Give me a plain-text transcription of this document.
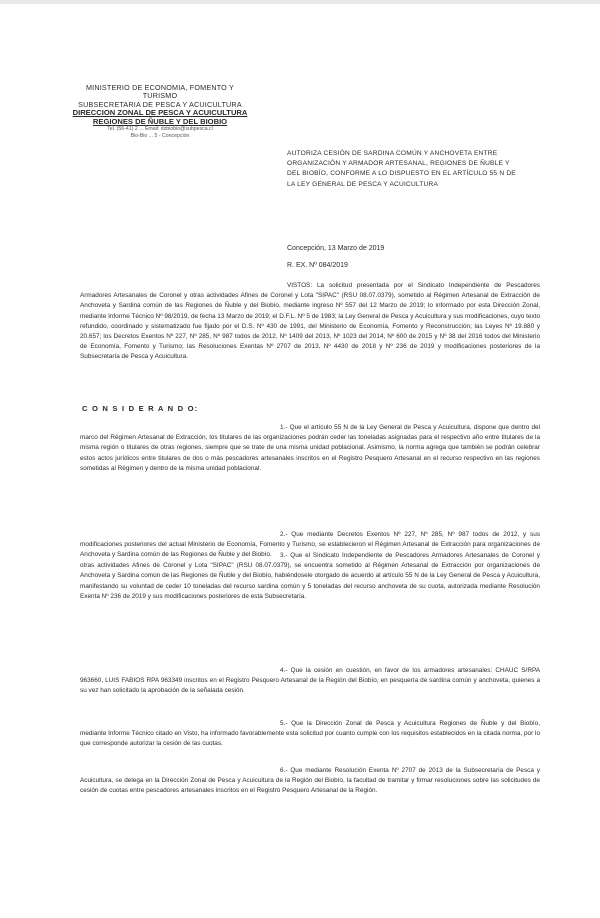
MINISTERIO DE ECONOMIA, FOMENTO Y TURISMO
SUBSECRETARIA DE PESCA Y ACUICULTURA
DIRECCION ZONAL DE PESCA Y ACUICULTURA
REGIONES DE ÑUBLE Y DEL BIOBIO
Tel. (56-41) 2 ... Email: dzbiobio@subpesca.cl
Bio-Bio ... 5 - Concepción
AUTORIZA CESIÓN DE SARDINA COMÚN Y ANCHOVETA ENTRE ORGANIZACIÓN Y ARMADOR ARTESANAL, REGIONES DE ÑUBLE Y DEL BIOBÍO, CONFORME A LO DISPUESTO EN EL ARTÍCULO 55 N DE LA LEY GENERAL DE PESCA Y ACUICULTURA
Concepción, 13 Marzo de 2019
R. EX. Nº 084/2019
VISTOS: La solicitud presentada por el Sindicato Independiente de Pescadores Armadores Artesanales de Coronel y otras actividades Afines de Coronel y Lota "SIPAC" (RSU 08.07.0379), sometido al Régimen Artesanal de Extracción de Anchoveta y Sardina común de las Regiones de Ñuble y del Biobío, mediante ingreso Nº 557 del 12 Marzo de 2019; lo informado por esta Dirección Zonal, mediante Informe Técnico Nº 98/2019, de fecha 13 Marzo de 2019; el D.F.L. Nº 5 de 1983; la Ley General de Pesca y Acuicultura y sus modificaciones, cuyo texto refundido, coordinado y sistematizado fue fijado por el D.S. Nº 430 de 1991, del Ministerio de Economía, Fomento y Reconstrucción; las Leyes Nº 19.880 y 20.657; los Decretos Exentos Nº 227, Nº 285, Nº 987 todos de 2012, Nº 1409 del 2013, Nº 1023 del 2014, Nº 600 de 2015 y Nº 38 del 2016 todos del Ministerio de Economía, Fomento y Turismo; las Resoluciones Exentas Nº 2707 de 2013, Nº 4430 de 2018 y Nº 236 de 2019 y modificaciones posteriores de la Subsecretaría de Pesca y Acuicultura.
C O N S I D E R A N D O:
1.- Que el artículo 55 N de la Ley General de Pesca y Acuicultura, dispone que dentro del marco del Régimen Artesanal de Extracción, los titulares de las organizaciones podrán ceder las toneladas asignadas para el respectivo año entre titulares de la misma región o titulares de otras regiones, siempre que se trate de una misma unidad poblacional. Asimismo, la norma agrega que también se podrán celebrar estos actos jurídicos entre titulares de dos o más pescadores artesanales inscritos en el Registro Pesquero Artesanal en el recurso respectivo en las regiones sometidas al Régimen y dentro de la misma unidad poblacional.
2.- Que mediante Decretos Exentos Nº 227, Nº 285, Nº 987 todos de 2012, y sus modificaciones posteriores del actual Ministerio de Economía, Fomento y Turismo, se establecieron el Régimen Artesanal de Extracción para organizaciones de Anchoveta y Sardina común de las Regiones de Ñuble y del Biobío.	3.- Que el Sindicato Independiente de Pescadores Armadores Artesanales de Coronel y otras actividades Afines de Coronel y Lota "SIPAC" (RSU 08.07.0379), se encuentra sometido al Régimen Artesanal de Extracción por organizaciones de Anchoveta y Sardina común de las Regiones de Ñuble y del Biobío, habiéndosele otorgado de acuerdo al artículo 55 N de la Ley General de Pesca y Acuicultura, manifestando su voluntad de ceder 10 toneladas del recurso sardina común y 5 toneladas del recurso anchoveta de su cuota, autorizada mediante Resolución Exenta Nº 236 de 2019 y sus modificaciones posteriores de esta Subsecretaría.
4.- Que la cesión en cuestión, en favor de los armadores artesanales: CHAUC S/RPA 963660, LUIS FABIOS RPA 963349 inscritos en el Registro Pesquero Artesanal de la Región del Biobío, en pesquería de sardina común y anchoveta, quienes a su vez han solicitado la aprobación de la señalada cesión.
5.- Que la Dirección Zonal de Pesca y Acuicultura Regiones de Ñuble y del Biobío, mediante Informe Técnico citado en Visto, ha informado favorablemente esta solicitud por cuanto cumple con los requisitos establecidos en la citada norma, por lo que corresponde autorizar la cesión de las cuotas.
6.- Que mediante Resolución Exenta Nº 2707 de 2013 de la Subsecretaría de Pesca y Acuicultura, se delega en la Dirección Zonal de Pesca y Acuicultura de la Región del Biobío, la facultad de tramitar y firmar resoluciones sobre las solicitudes de cesión de cuotas entre pescadores artesanales inscritos en el Registro Pesquero Artesanal de la Región.
